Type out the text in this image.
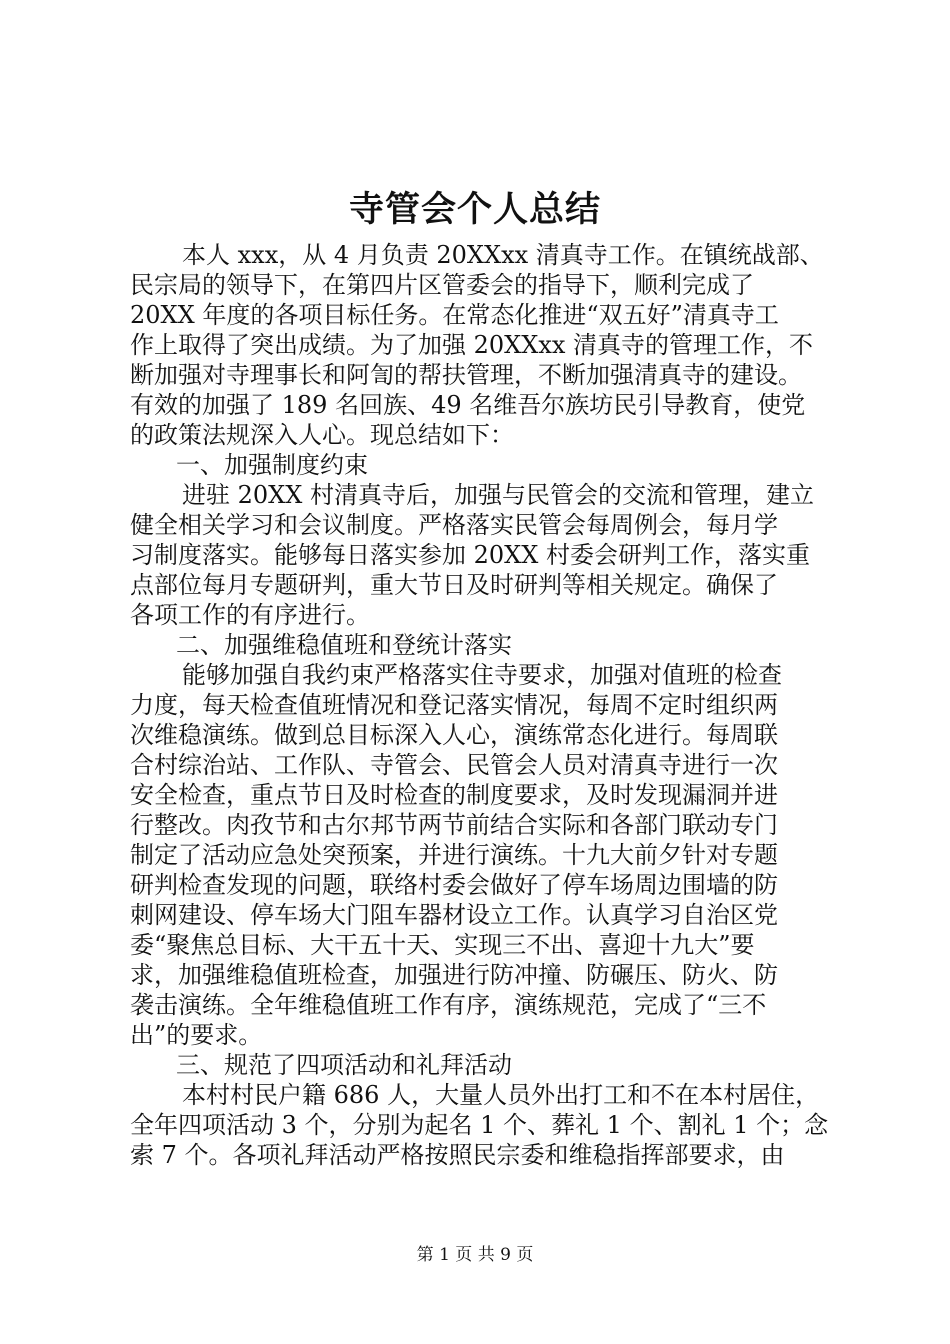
寺管会个人总结
本人 xxx，从 4 月负责 20XXxx 清真寺工作。在镇统战部、
民宗局的领导下，在第四片区管委会的指导下，顺利完成了
20XX 年度的各项目标任务。在常态化推进“双五好”清真寺工
作上取得了突出成绩。为了加强 20XXxx 清真寺的管理工作，不
断加强对寺理事长和阿訇的帮扶管理，不断加强清真寺的建设。
有效的加强了 189 名回族、49 名维吾尔族坊民引导教育，使党
的政策法规深入人心。现总结如下：
一、加强制度约束
进驻 20XX 村清真寺后，加强与民管会的交流和管理，建立
健全相关学习和会议制度。严格落实民管会每周例会，每月学
习制度落实。能够每日落实参加 20XX 村委会研判工作，落实重
点部位每月专题研判，重大节日及时研判等相关规定。确保了
各项工作的有序进行。
二、加强维稳值班和登统计落实
能够加强自我约束严格落实住寺要求，加强对值班的检查
力度，每天检查值班情况和登记落实情况，每周不定时组织两
次维稳演练。做到总目标深入人心，演练常态化进行。每周联
合村综治站、工作队、寺管会、民管会人员对清真寺进行一次
安全检查，重点节日及时检查的制度要求，及时发现漏洞并进
行整改。肉孜节和古尔邦节两节前结合实际和各部门联动专门
制定了活动应急处突预案，并进行演练。十九大前夕针对专题
研判检查发现的问题，联络村委会做好了停车场周边围墙的防
刺网建设、停车场大门阻车器材设立工作。认真学习自治区党
委“聚焦总目标、大干五十天、实现三不出、喜迎十九大”要
求，加强维稳值班检查，加强进行防冲撞、防碾压、防火、防
袭击演练。全年维稳值班工作有序，演练规范，完成了“三不
出”的要求。
三、规范了四项活动和礼拜活动
本村村民户籍 686 人，大量人员外出打工和不在本村居住，
全年四项活动 3 个，分别为起名 1 个、葬礼 1 个、割礼 1 个；念
索 7 个。各项礼拜活动严格按照民宗委和维稳指挥部要求，由
第 1 页 共 9 页
